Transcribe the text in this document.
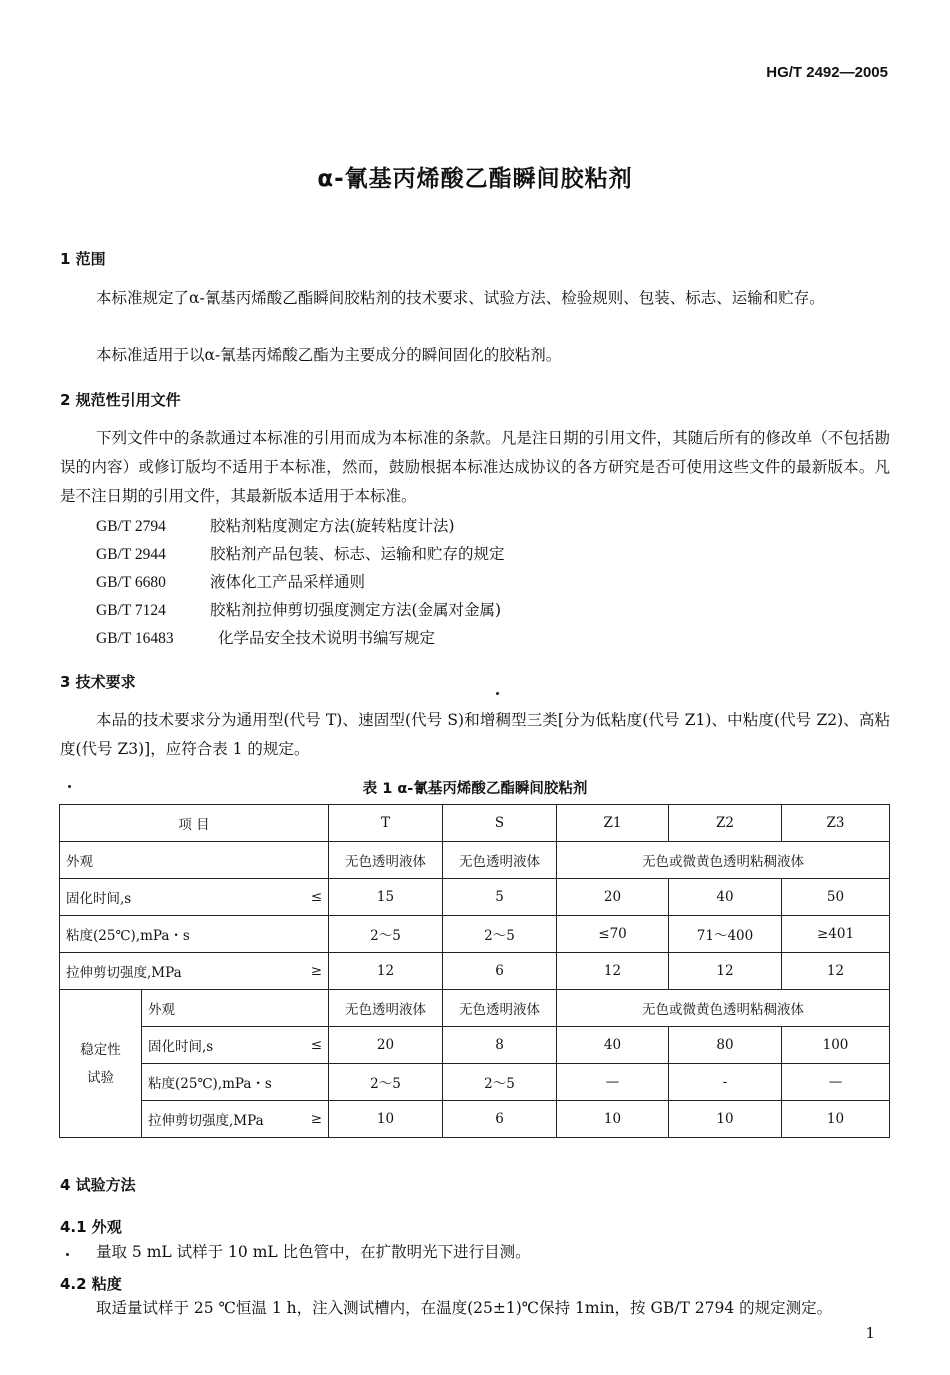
HG/T 2492—2005
α-氰基丙烯酸乙酯瞬间胶粘剂
1 范围
本标准规定了α-氰基丙烯酸乙酯瞬间胶粘剂的技术要求、试验方法、检验规则、包装、标志、运输和贮存。
本标准适用于以α-氰基丙烯酸乙酯为主要成分的瞬间固化的胶粘剂。
2 规范性引用文件
下列文件中的条款通过本标准的引用而成为本标准的条款。凡是注日期的引用文件，其随后所有的修改单（不包括勘误的内容）或修订版均不适用于本标准，然而，鼓励根据本标准达成协议的各方研究是否可使用这些文件的最新版本。凡是不注日期的引用文件，其最新版本适用于本标准。
GB/T 2794	胶粘剂粘度测定方法(旋转粘度计法)
GB/T 2944	胶粘剂产品包装、标志、运输和贮存的规定
GB/T 6680	液体化工产品采样通则
GB/T 7124	胶粘剂拉伸剪切强度测定方法(金属对金属)
GB/T 16483	化学品安全技术说明书编写规定
3 技术要求
本品的技术要求分为通用型(代号 T)、速固型(代号 S)和增稠型三类[分为低粘度(代号 Z1)、中粘度(代号 Z2)、高粘度(代号 Z3)]，应符合表 1 的规定。
表 1 α-氰基丙烯酸乙酯瞬间胶粘剂
项 目		T	S	Z1	Z2	Z3
外观		无色透明液体	无色透明液体	无色或微黄色透明粘稠液体		

固化时间,s ≤		15	5	20	40	50
粘度(25℃),mPa・s		2～5	2～5	≤70	71～400	≥401

拉伸剪切强度,MPa ≥		12	6	12	12	12

稳定性
试验	外观	无色透明液体	无色透明液体	无色或微黄色透明粘稠液体		

	固化时间,s ≤	20	8	40	80	100
	粘度(25℃),mPa・s	2～5	2～5	—	-	—

	拉伸剪切强度,MPa ≥	10	6	10	10	10
4 试验方法
4.1 外观
量取 5 mL 试样于 10 mL 比色管中，在扩散明光下进行目测。
4.2 粘度
取适量试样于 25 ℃恒温 1 h，注入测试槽内，在温度(25±1)℃保持 1min，按 GB/T 2794 的规定测定。
1
